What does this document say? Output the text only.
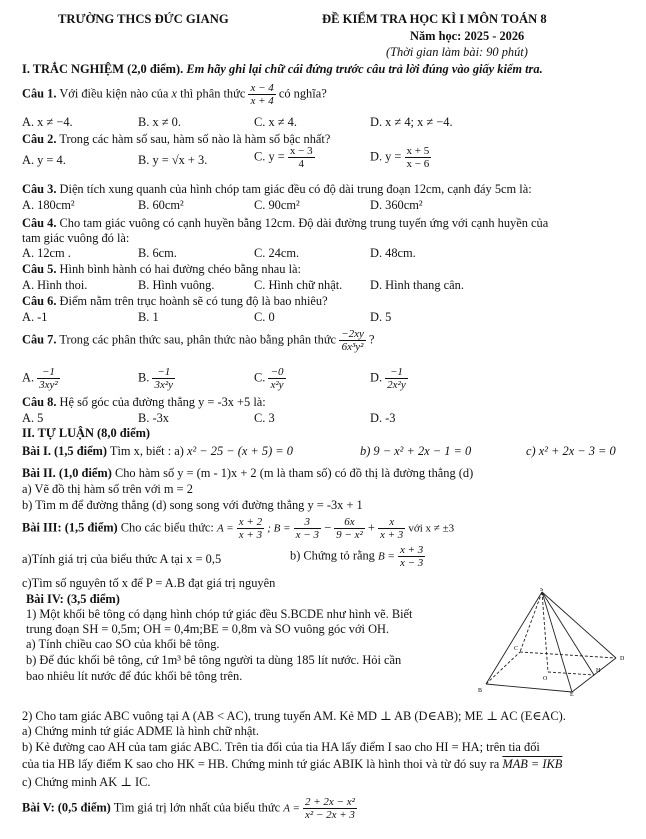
TRƯỜNG THCS ĐỨC GIANG	ĐỀ KIỂM TRA HỌC KÌ I MÔN TOÁN 8
Năm học: 2025 - 2026
(Thời gian làm bài: 90 phút)
I. TRẮC NGHIỆM (2,0 điểm). Em hãy ghi lại chữ cái đứng trước câu trả lời đúng vào giấy kiểm tra.
Câu 1. Với điều kiện nào của x thì phân thức $\frac{x - 4}{x + 4}$ có nghĩa?
A. x ≠ −4.	B. x ≠ 0.	C. x ≠ 4.	D. x ≠ 4; x ≠ −4.
Câu 2. Trong các hàm số sau, hàm số nào là hàm số bậc nhất?
A. y = 4.	B. y = √x + 3.	C. $y = \frac{x - 3}{4}$	D. $y = \frac{x + 5}{x - 6}$
Câu 3. Diện tích xung quanh của hình chóp tam giác đều có độ dài trung đoạn 12cm, cạnh đáy 5cm là:
A. 180cm²	B. 60cm²	C. 90cm²	D. 360cm²
Câu 4. Cho tam giác vuông có cạnh huyền bằng 12cm. Độ dài đường trung tuyến ứng với cạnh huyền của
tam giác vuông đó là:
A. 12cm .	B. 6cm.	C. 24cm.	D. 48cm.
Câu 5. Hình bình hành có hai đường chéo bằng nhau là:
A. Hình thoi.	B. Hình vuông.	C. Hình chữ nhật. D. Hình thang cân.
Câu 6. Điểm nằm trên trục hoành sẽ có tung độ là bao nhiêu?
A. -1	B. 1	C. 0	D. 5
Câu 7. Trong các phân thức sau, phân thức nào bằng phân thức $\frac{-2xy}{\text{6x³y²}}$ ?
A. $\frac{-1}{\text{3xy²}}$	B. $\frac{-1}{\text{3x²y}}$	C. $\frac{-0}{\text{x²y}}$	D. $\frac{-1}{\text{2x²y}}$
Câu 8. Hệ số góc của đường thẳng y = -3x +5 là:
A. 5	B. -3x	C. 3	D. -3
II. TỰ LUẬN (8,0 điểm)
Bài I. (1,5 điểm) Tìm x, biết : a) x² − 25 − (x + 5) = 0	b) 9 − x² + 2x − 1 = 0	c) x² + 2x − 3 = 0
Bài II. (1,0 điểm) Cho hàm số y = (m - 1)x + 2 (m là tham số) có đồ thị là đường thẳng (d)
a) Vẽ đồ thị hàm số trên với m = 2
b) Tìm m để đường thẳng (d) song song với đường thẳng y = -3x + 1
Bài III: (1,5 điểm) Cho các biểu thức: $A = \frac{x + 2}{x + 3}$ ; $B = \frac{3}{x - 3} - \frac{6x}{\text{9 − x²}} + \frac{x}{x + 3}$ với x ≠ ±3
a)Tính giá trị của biểu thức A tại x = 0,5	b) Chứng tỏ rằng $B = \frac{x + 3}{x - 3}$
c)Tìm số nguyên tố x để P = A.B đạt giá trị nguyên
Bài IV: (3,5 điểm)
1) Một khối bê tông có dạng hình chóp tứ giác đều S.BCDE như hình vẽ. Biết
trung đoạn SH = 0,5m; OH = 0,4m;BE = 0,8m và SO vuông góc với OH.
a) Tính chiều cao SO của khối bê tông.
b) Để đúc khối bê tông, cứ 1m³ bê tông người ta dùng 185 lít nước. Hỏi cần
bao nhiêu lít nước để đúc khối bê tông trên.
S
C
D
O
H
B
E
2) Cho tam giác ABC vuông tại A (AB < AC), trung tuyến AM. Kẻ MD ⊥ AB (D∈AB); ME ⊥ AC (E∈AC).
a) Chứng minh tứ giác ADME là hình chữ nhật.
b) Kẻ đường cao AH của tam giác ABC. Trên tia đối của tia HA lấy điểm I sao cho HI = HA; trên tia đối
của tia HB lấy điểm K sao cho HK = HB. Chứng minh tứ giác ABIK là hình thoi và từ đó suy ra MAB = IKB
c) Chứng minh AK ⊥ IC.
Bài V: (0,5 điểm) Tìm giá trị lớn nhất của biểu thức $A = \frac{\text{2 + 2x − x²}}{\text{x² − 2x + 3}}$
